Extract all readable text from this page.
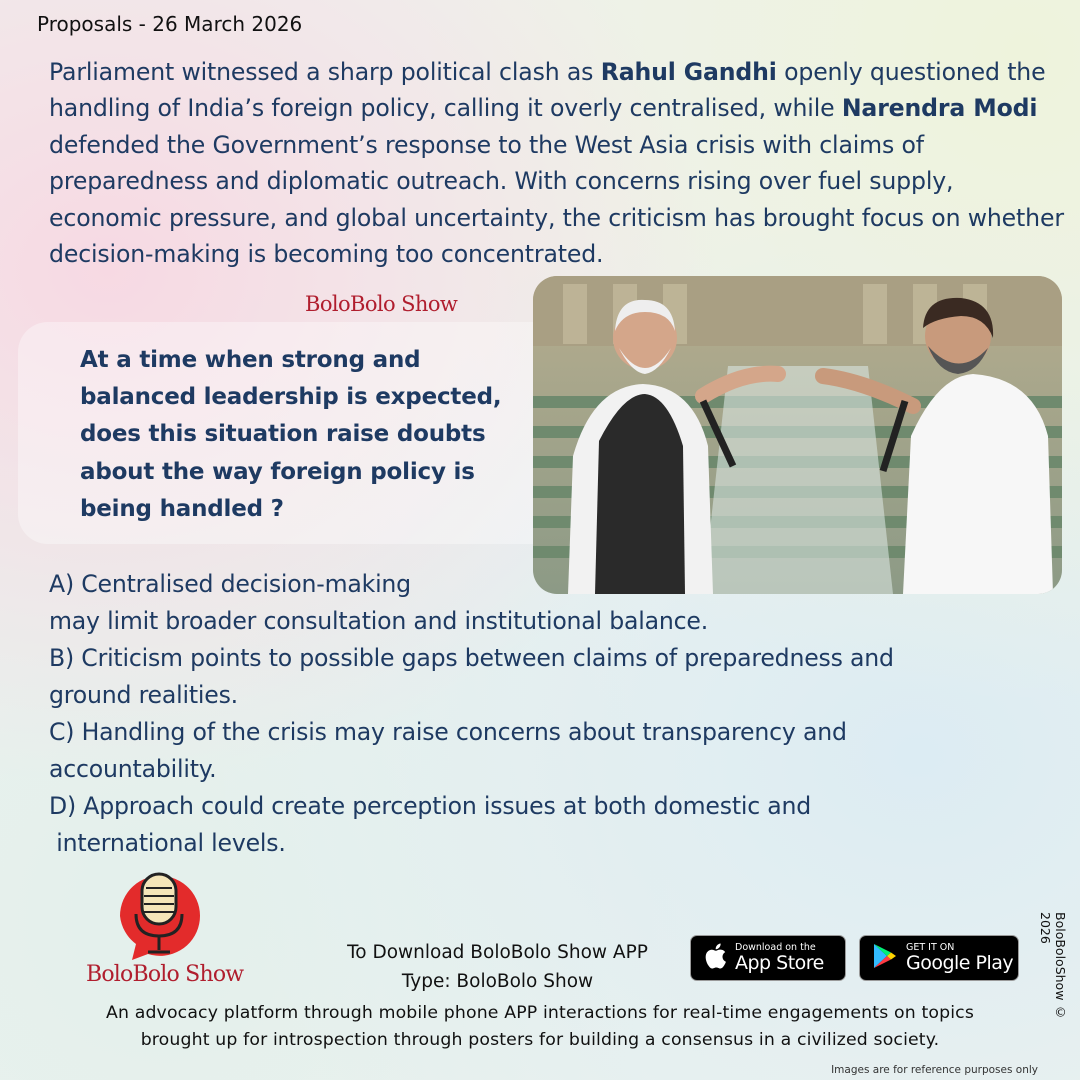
Proposals - 26 March 2026
Parliament witnessed a sharp political clash as Rahul Gandhi openly questioned the handling of India’s foreign policy, calling it overly centralised, while Narendra Modi defended the Government’s response to the West Asia crisis with claims of preparedness and diplomatic outreach. With concerns rising over fuel supply, economic pressure, and global uncertainty, the criticism has brought focus on whether decision-making is becoming too concentrated.
BoloBolo Show
At a time when strong and
balanced leadership is expected,
does this situation raise doubts
about the way foreign policy is
being handled ?
A) Centralised decision-making
may limit broader consultation and institutional balance.
B) Criticism points to possible gaps between claims of preparedness and
ground realities.
C) Handling of the crisis may raise concerns about transparency and
accountability.
D) Approach could create perception issues at both domestic and
international levels.
BoloBolo Show
To Download BoloBolo Show APP
Type: BoloBolo Show
Download on the
App Store
GET IT ON
Google Play
An advocacy platform through mobile phone APP interactions for real-time engagements on topics
brought up for introspection through posters for building a consensus in a civilized society.
BoloBoloShow © 2026
Images are for reference purposes only
